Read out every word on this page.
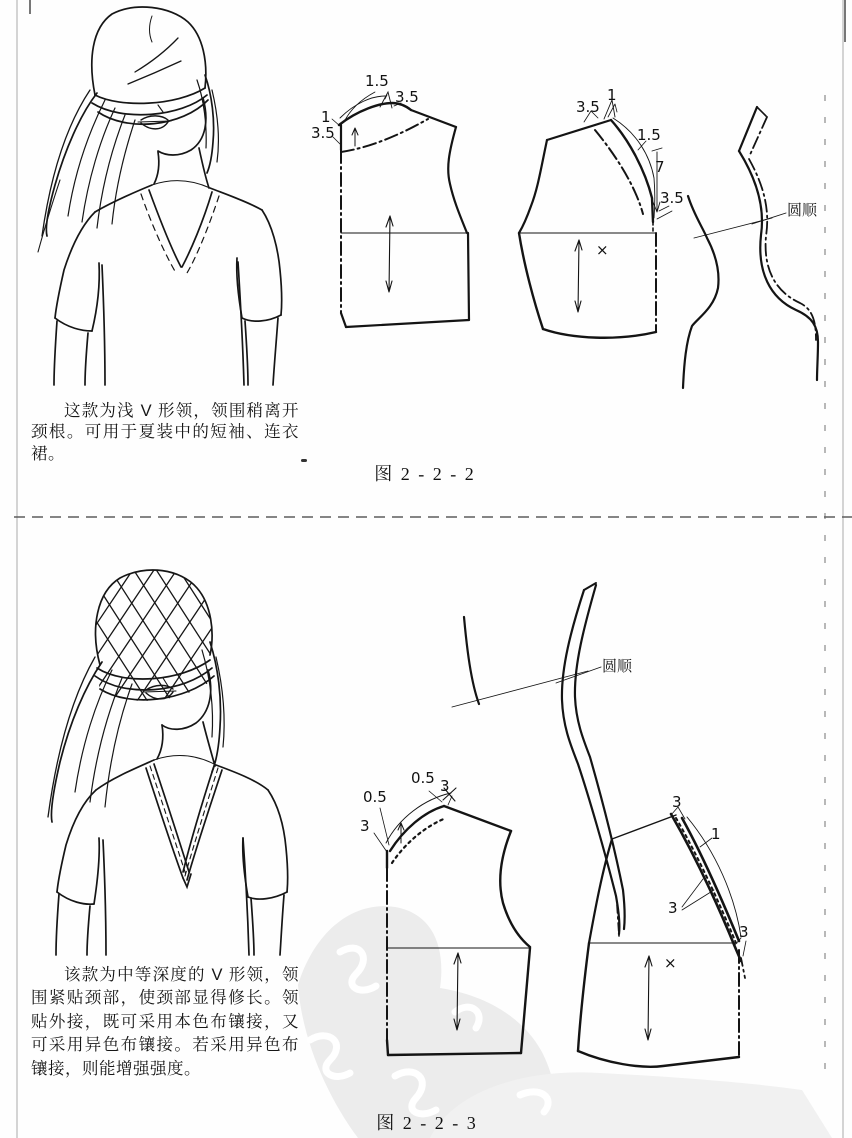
1.5
3.5
1
3.5
3.5
1
1.5
7
3.5
×
圆顺
圆顺
0.5
3
0.5 3
3
1
3
3
×

这款为浅 V 形领，领围稍离开颈根。可用于夏装中的短袖、连衣裙。

图 2 - 2 - 2

该款为中等深度的 V 形领，领围紧贴颈部，使颈部显得修长。领贴外接，既可采用本色布镶接，又可采用异色布镶接。若采用异色布镶接，则能增强强度。

图 2 - 2 - 3
